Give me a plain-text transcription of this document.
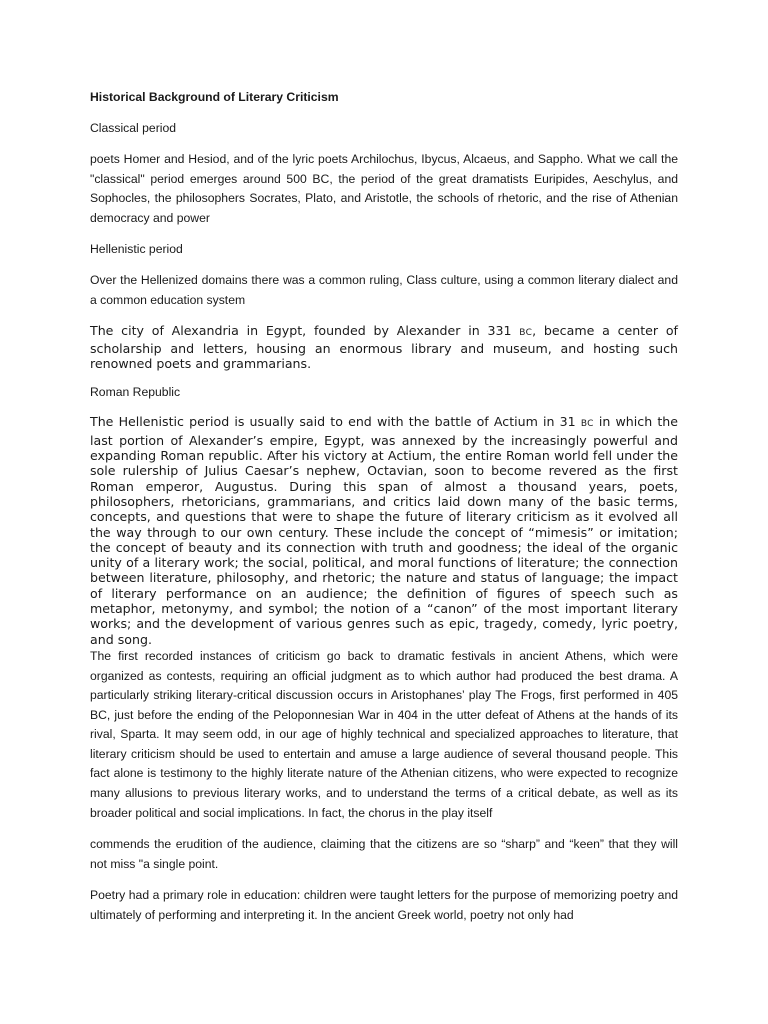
Historical Background of Literary Criticism
Classical period

poets Homer and Hesiod, and of the lyric poets Archilochus, Ibycus, Alcaeus, and Sappho. What we call the "classical" period emerges around 500 BC, the period of the great dramatists Euripides, Aeschylus, and Sophocles, the philosophers Socrates, Plato, and Aristotle, the schools of rhetoric, and the rise of Athenian democracy and power

Hellenistic period

Over the Hellenized domains there was a common ruling, Class culture, using a common literary dialect and a common education system

The city of Alexandria in Egypt, founded by Alexander in 331 BC, became a center of scholarship and letters, housing an enormous library and museum, and hosting such renowned poets and grammarians.

Roman Republic

The Hellenistic period is usually said to end with the battle of Actium in 31 BC in which the last portion of Alexander’s empire, Egypt, was annexed by the increasingly powerful and expanding Roman republic. After his victory at Actium, the entire Roman world fell under the sole rulership of Julius Caesar’s nephew, Octavian, soon to become revered as the first Roman emperor, Augustus. During this span of almost a thousand years, poets, philosophers, rhetoricians, grammarians, and critics laid down many of the basic terms, concepts, and questions that were to shape the future of literary criticism as it evolved all the way through to our own century. These include the concept of “mimesis” or imitation; the concept of beauty and its connection with truth and goodness; the ideal of the organic unity of a literary work; the social, political, and moral functions of literature; the connection between literature, philosophy, and rhetoric; the nature and status of language; the impact of literary performance on an audience; the definition of figures of speech such as metaphor, metonymy, and symbol; the notion of a “canon” of the most important literary works; and the development of various genres such as epic, tragedy, comedy, lyric poetry, and song.

The first recorded instances of criticism go back to dramatic festivals in ancient Athens, which were organized as contests, requiring an official judgment as to which author had produced the best drama. A particularly striking literary-critical discussion occurs in Aristophanes’ play The Frogs, first performed in 405 BC, just before the ending of the Peloponnesian War in 404 in the utter defeat of Athens at the hands of its rival, Sparta. It may seem odd, in our age of highly technical and specialized approaches to literature, that literary criticism should be used to entertain and amuse a large audience of several thousand people. This fact alone is testimony to the highly literate nature of the Athenian citizens, who were expected to recognize many allusions to previous literary works, and to understand the terms of a critical debate, as well as its broader political and social implications. In fact, the chorus in the play itself

commends the erudition of the audience, claiming that the citizens are so “sharp” and “keen” that they will not miss "a single point.

Poetry had a primary role in education: children were taught letters for the purpose of memorizing poetry and ultimately of performing and interpreting it. In the ancient Greek world, poetry not only had
